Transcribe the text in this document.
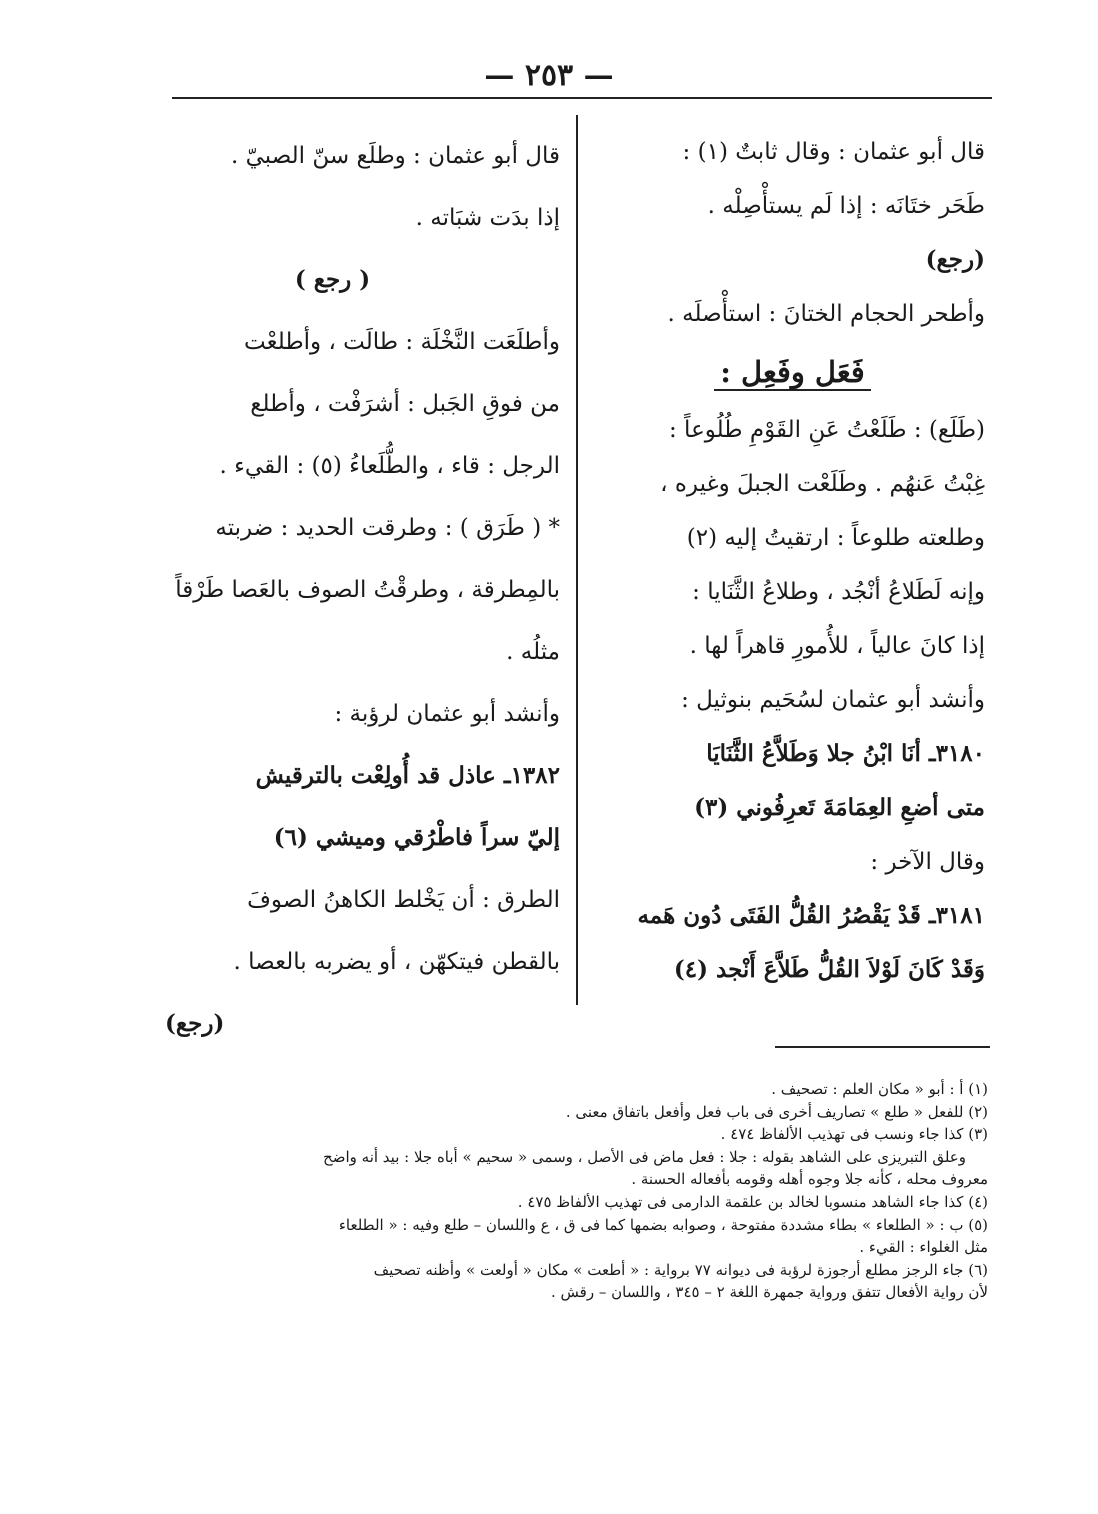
— ٢٥٣ —
قال أبو عثمان : وقال ثابتٌ (١) :
طَحَر ختَانَه : إذا لَم يستأْصِلْه .
(رجع)
وأطحر الحجام الختانَ : استأْصلَه .
فَعَل وفَعِل :
(طَلَع) : طَلَعْتُ عَنِ القَوْمِ طُلُوعاً :
غِبْتُ عَنهُم . وطَلَعْت الجبلَ وغيره ،
وطلعته طلوعاً : ارتقيتُ إليه (٢)
وإنه لَطَلاعُ أنْجُد ، وطلاعُ الثَّنَايا :
إذا كانَ عالياً ، للأُمورِ قاهراً لها .
وأنشد أبو عثمان لسُحَيم بنوثيل :
٣١٨٠ـ أنَا ابْنُ جلا وَطَلاَّعُ الثَّنَايَا
متى أضعِ العِمَامَةَ تَعرِفُوني (٣)
وقال الآخر :
٣١٨١ـ قَدْ يَقْصُرُ القُلُّ الفَتَى دُون هَمه
وَقَدْ كَانَ لَوْلاَ القُلُّ طَلاَّعَ أَنْجد (٤)
قال أبو عثمان : وطلَع سنّ الصبيّ .
إذا بدَت شبَاته .
( رجع )
وأطلَعَت النَّخْلَة : طالَت ، وأطلعْت
من فوقِ الجَبل : أشرَفْت ، وأطلع
الرجل : قاء ، والطُّلَعاءُ (٥) : القيء .
* ( طَرَق ) : وطرقت الحديد : ضربته
بالمِطرقة ، وطرقْتُ الصوف بالعَصا طَرْقاً
مثلُه .
وأنشد أبو عثمان لرؤبة :
١٣٨٢ـ عاذل قد أُولِعْت بالترقيش
إليّ سراً فاطْرُقي وميشي (٦)
الطرق : أن يَخْلط الكاهنُ الصوفَ
بالقطن فيتكهّن ، أو يضربه بالعصا .
(رجع)
(١) أ : أبو « مكان العلم : تصحيف .
(٢) للفعل « طلع » تصاريف أخرى فى باب فعل وأفعل باتفاق معنى .
(٣) كذا جاء ونسب فى تهذيب الألفاظ ٤٧٤ .
وعلق التبريزى على الشاهد بقوله : جلا : فعل ماض فى الأصل ، وسمى « سحيم » أباه جلا : بيد أنه واضح
معروف محله ، كأنه جلا وجوه أهله وقومه بأفعاله الحسنة .
(٤) كذا جاء الشاهد منسوبا لخالد بن علقمة الدارمى فى تهذيب الألفاظ ٤٧٥ .
(٥) ب : « الطلعاء » بطاء مشددة مفتوحة ، وصوابه بضمها كما فى ق ، ع واللسان – طلع وفيه : « الطلعاء
مثل الغلواء : القيء .
(٦) جاء الرجز مطلع أرجوزة لرؤبة فى ديوانه ٧٧ برواية : « أطعت » مكان « أولعت » وأظنه تصحيف
لأن رواية الأفعال تتفق ورواية جمهرة اللغة ٢ – ٣٤٥ ، واللسان – رقش .
